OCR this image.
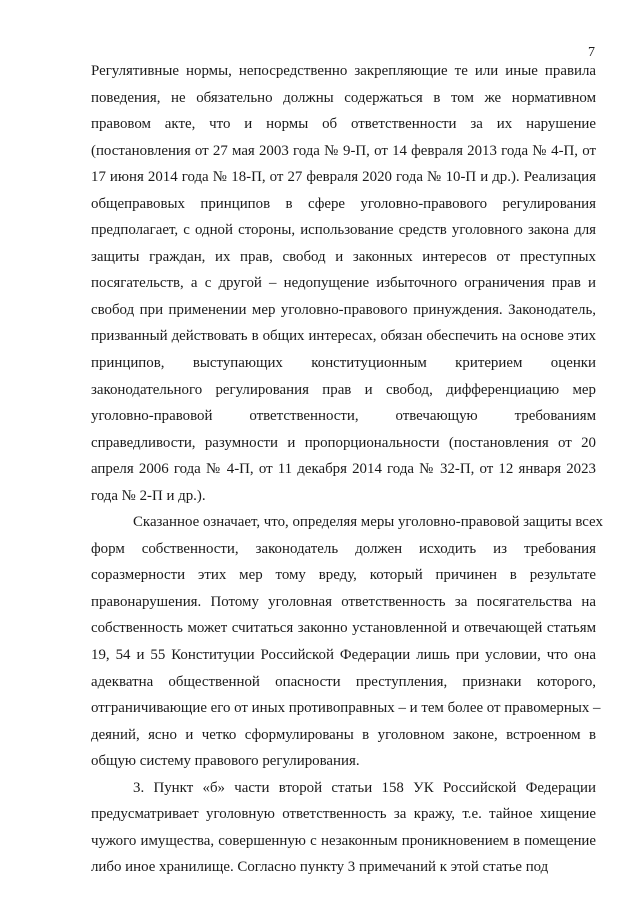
7
Регулятивные нормы, непосредственно закрепляющие те или иные правила
поведения, не обязательно должны содержаться в том же нормативном
правовом акте, что и нормы об ответственности за их нарушение
(постановления от 27 мая 2003 года № 9-П, от 14 февраля 2013 года № 4-П, от
17 июня 2014 года № 18-П, от 27 февраля 2020 года № 10-П и др.). Реализация
общеправовых принципов в сфере уголовно-правового регулирования
предполагает, с одной стороны, использование средств уголовного закона для
защиты граждан, их прав, свобод и законных интересов от преступных
посягательств, а с другой – недопущение избыточного ограничения прав и
свобод при применении мер уголовно-правового принуждения. Законодатель,
призванный действовать в общих интересах, обязан обеспечить на основе этих
принципов, выступающих конституционным критерием оценки
законодательного регулирования прав и свобод, дифференциацию мер
уголовно-правовой ответственности, отвечающую требованиям
справедливости, разумности и пропорциональности (постановления от 20
апреля 2006 года № 4-П, от 11 декабря 2014 года № 32-П, от 12 января 2023
года № 2-П и др.).
Сказанное означает, что, определяя меры уголовно-правовой защиты всех
форм собственности, законодатель должен исходить из требования
соразмерности этих мер тому вреду, который причинен в результате
правонарушения. Потому уголовная ответственность за посягательства на
собственность может считаться законно установленной и отвечающей статьям
19, 54 и 55 Конституции Российской Федерации лишь при условии, что она
адекватна общественной опасности преступления, признаки которого,
отграничивающие его от иных противоправных – и тем более от правомерных –
деяний, ясно и четко сформулированы в уголовном законе, встроенном в
общую систему правового регулирования.
3. Пункт «б» части второй статьи 158 УК Российской Федерации
предусматривает уголовную ответственность за кражу, т.е. тайное хищение
чужого имущества, совершенную с незаконным проникновением в помещение
либо иное хранилище. Согласно пункту 3 примечаний к этой статье под
